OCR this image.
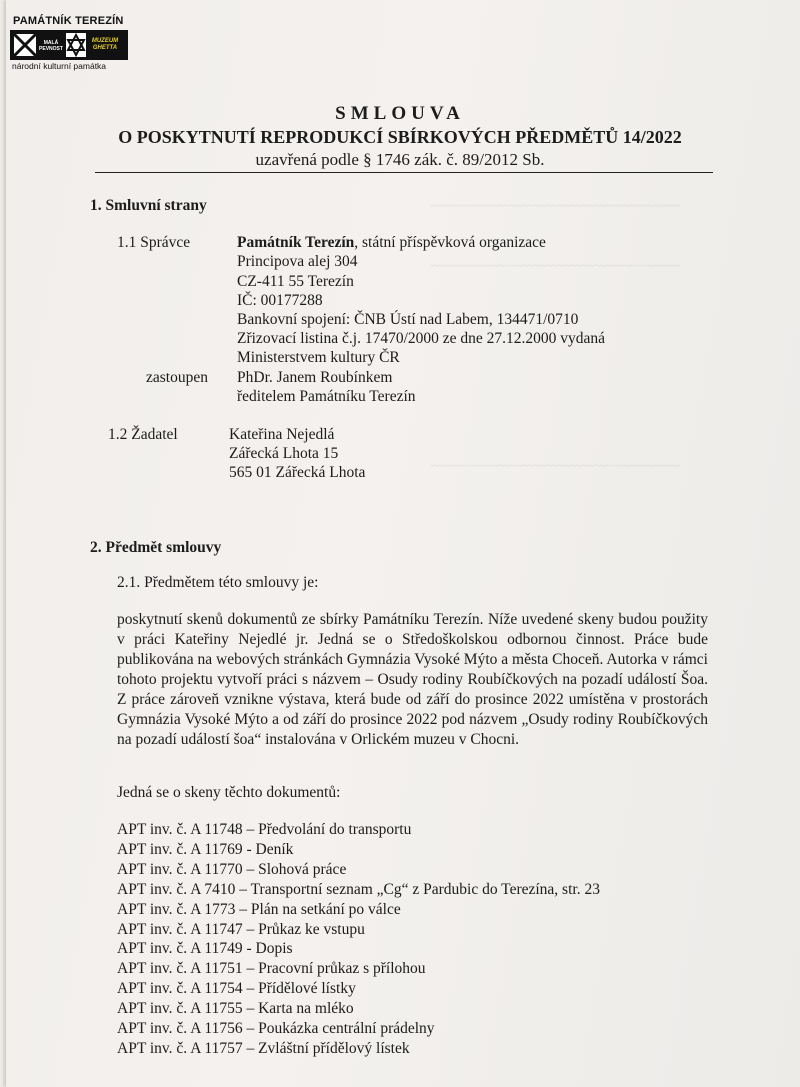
PAMÁTNÍK TEREZÍN
MALÁ PEVNOST
MUZEUM GHETTA
národní kulturní památka
~~~~~~~~~~~~~~~~~~~~~~~~~~~~~~~~~~~~~~~~~~
~~~~~~~~~~~~~~~~~~~~~~~~~~~~~~~~~~~~~~~~~~
~~~~~~~~~~~~~~~~~~~~~~~~~~~~~~~~~~~~~~~~~~
SMLOUVA
O POSKYTNUTÍ REPRODUKCÍ SBÍRKOVÝCH PŘEDMĚTŮ 14/2022
uzavřená podle § 1746 zák. č. 89/2012 Sb.
1. Smluvní strany
1.1 Správce	Památník Terezín, státní příspěvková organizace
Principova alej 304
CZ-411 55 Terezín
IČ: 00177288
Bankovní spojení: ČNB Ústí nad Labem, 134471/0710
Zřizovací listina č.j. 17470/2000 ze dne 27.12.2000 vydaná
Ministerstvem kultury ČR
zastoupen PhDr. Janem Roubínkem
ředitelem Památníku Terezín
1.2 Žadatel	Kateřina Nejedlá
Zářecká Lhota 15
565 01 Zářecká Lhota
2. Předmět smlouvy
2.1. Předmětem této smlouvy je:
poskytnutí skenů dokumentů ze sbírky Památníku Terezín. Níže uvedené skeny budou použity v práci Kateřiny Nejedlé jr. Jedná se o Středoškolskou odbornou činnost. Práce bude publikována na webových stránkách Gymnázia Vysoké Mýto a města Choceň. Autorka v rámci tohoto projektu vytvoří práci s názvem – Osudy rodiny Roubíčkových na pozadí událostí Šoa. Z práce zároveň vznikne výstava, která bude od září do prosince 2022 umístěna v prostorách Gymnázia Vysoké Mýto a od září do prosince 2022 pod názvem „Osudy rodiny Roubíčkových na pozadí událostí šoa“ instalována v Orlickém muzeu v Chocni.
Jedná se o skeny těchto dokumentů:
APT inv. č. A 11748 – Předvolání do transportu
APT inv. č. A 11769 - Deník
APT inv. č. A 11770 – Slohová práce
APT inv. č. A 7410 – Transportní seznam „Cg“ z Pardubic do Terezína, str. 23
APT inv. č. A 1773 – Plán na setkání po válce
APT inv. č. A 11747 – Průkaz ke vstupu
APT inv. č. A 11749 - Dopis
APT inv. č. A 11751 – Pracovní průkaz s přílohou
APT inv. č. A 11754 – Přídělové lístky
APT inv. č. A 11755 – Karta na mléko
APT inv. č. A 11756 – Poukázka centrální prádelny
APT inv. č. A 11757 – Zvláštní přídělový lístek
